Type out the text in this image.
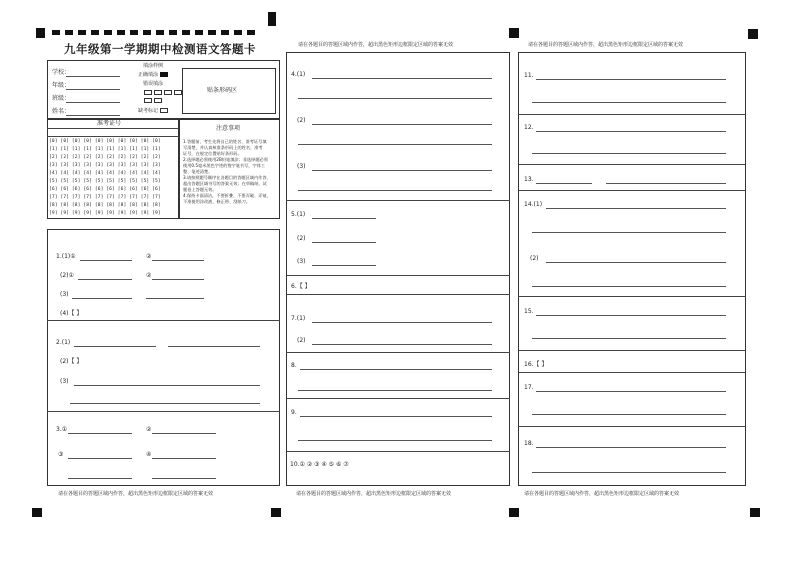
九年级第一学期期中检测语文答题卡
学校：
年级：
班级：
姓名：
填涂样例
正确填涂
错误填涂
缺考标记
贴条形码区
准考证号
[0] [0] [0] [0] [0] [0] [0] [0] [0] [0]
[1] [1] [1] [1] [1] [1] [1] [1] [1] [1]
[2] [2] [2] [2] [2] [2] [2] [2] [2] [2]
[3] [3] [3] [3] [3] [3] [3] [3] [3] [3]
[4] [4] [4] [4] [4] [4] [4] [4] [4] [4]
[5] [5] [5] [5] [5] [5] [5] [5] [5] [5]
[6] [6] [6] [6] [6] [6] [6] [6] [6] [6]
[7] [7] [7] [7] [7] [7] [7] [7] [7] [7]
[8] [8] [8] [8] [8] [8] [8] [8] [8] [8]
[9] [9] [9] [9] [9] [9] [9] [9] [9] [9]
注意事项
1.答题前，考生先将自己的姓名、准考证号填
写清楚，并认真核准条形码上的姓名、准考
证号，在规定位置贴好条形码。
2.选择题必须使用2B铅笔填涂；非选择题必须
使用0.5毫米黑色字迹的签字笔书写，字体工
整、笔迹清楚。
3.请按照题号顺序在各题目的答题区域内作答，
超出答题区域书写的答案无效；在草稿纸、试
题卷上答题无效。
4.保持卡面清洁，不要折叠、不要弄破、弄皱，
不准使用涂改液、修正带、刮纸刀。
1.(1)①	②
(2)①	②
(3)
(4)【 】
2.(1)
(2)【 】
(3)
3.①	②
③	④
请在各题目的答题区域内作答，超出黑色矩形边框限定区域的答案无效
请在各题目的答题区域内作答，超出黑色矩形边框限定区域的答案无效
4.(1)
(2)
(3)
5.(1)
(2)
(3)
6.【 】
7.(1)
(2)
8.
9.
10.① ② ③ ④ ⑤ ⑥ ⑦
请在各题目的答题区域内作答，超出黑色矩形边框限定区域的答案无效
请在各题目的答题区域内作答，超出黑色矩形边框限定区域的答案无效
11.
12.
13.
14.(1)
(2)
15.
16.【 】
17.
18.
请在各题目的答题区域内作答，超出黑色矩形边框限定区域的答案无效
